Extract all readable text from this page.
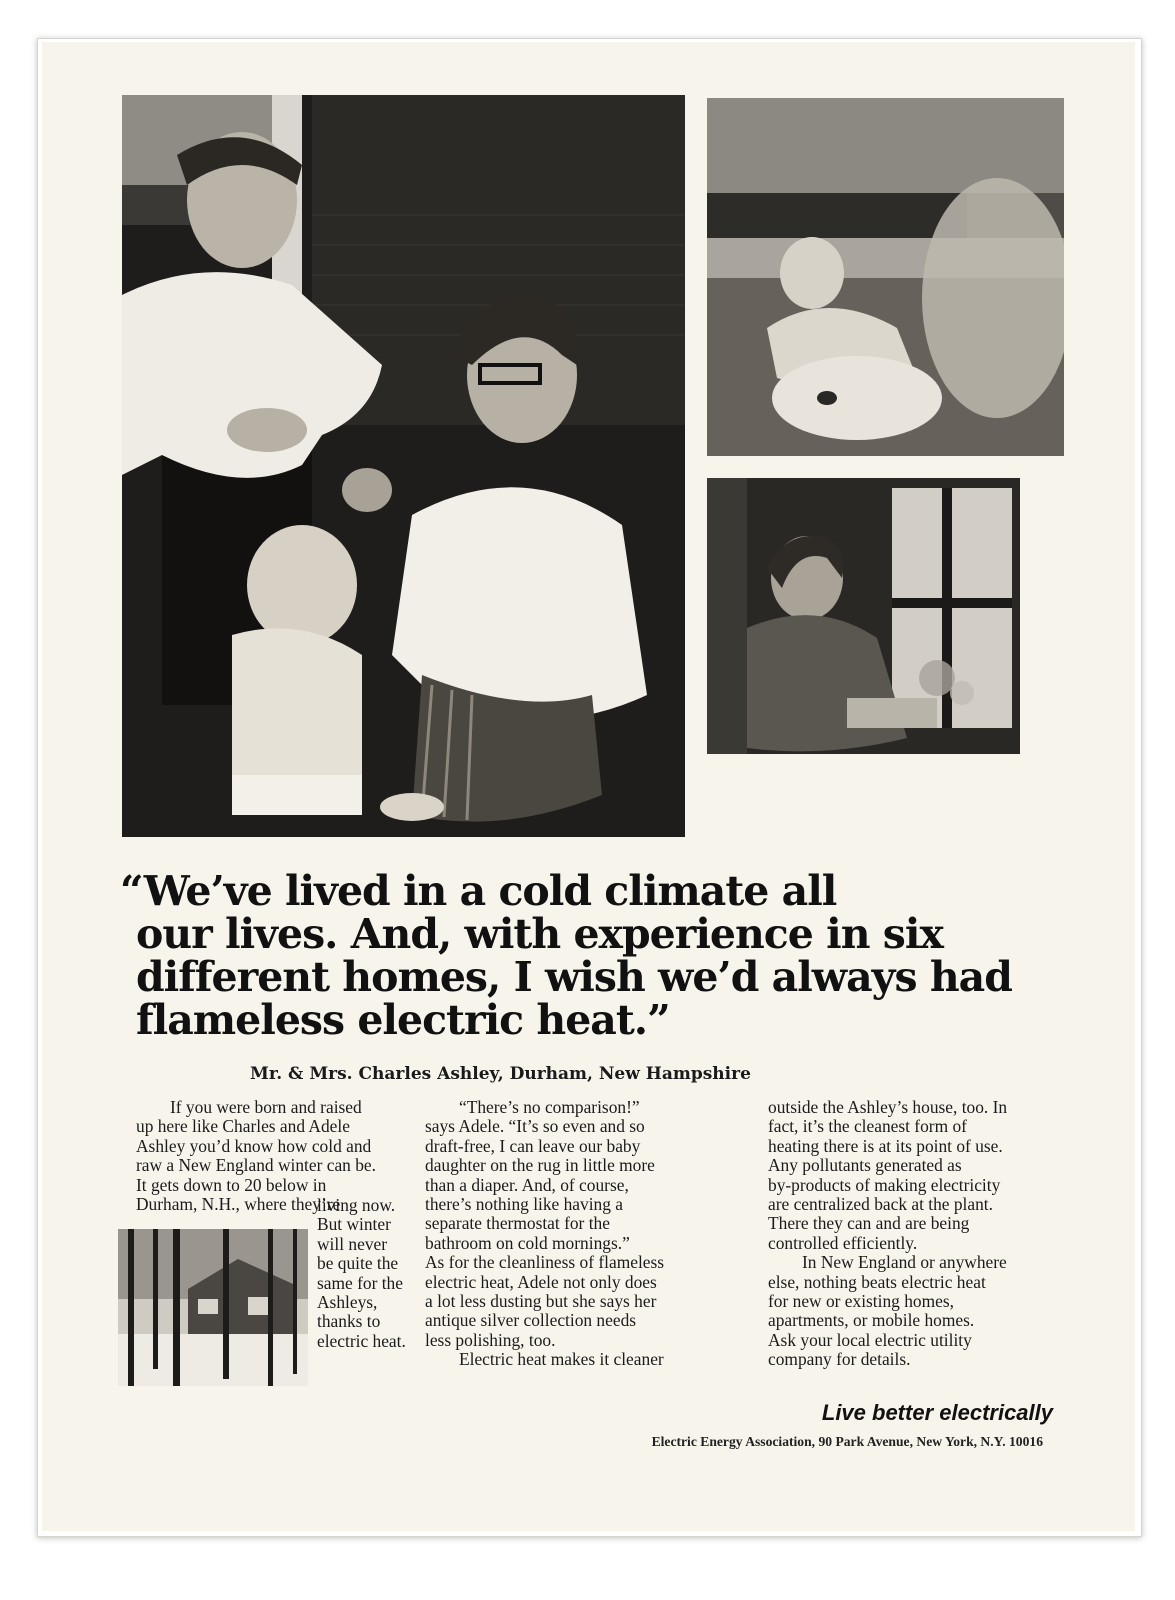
“We’ve lived in a cold climate all
our lives. And, with experience in six
different homes, I wish we’d always had
flameless electric heat.”
Mr. & Mrs. Charles Ashley, Durham, New Hampshire
If you were born and raised
up here like Charles and Adele
Ashley you’d know how cold and
raw a New England winter can be.
It gets down to 20 below in
Durham, N.H., where they’re
living now.
But winter
will never
be quite the
same for the
Ashleys,
thanks to
electric heat.
“There’s no comparison!”
says Adele. “It’s so even and so
draft-free, I can leave our baby
daughter on the rug in little more
than a diaper. And, of course,
there’s nothing like having a
separate thermostat for the
bathroom on cold mornings.”
As for the cleanliness of flameless
electric heat, Adele not only does
a lot less dusting but she says her
antique silver collection needs
less polishing, too.
Electric heat makes it cleaner
outside the Ashley’s house, too. In
fact, it’s the cleanest form of
heating there is at its point of use.
Any pollutants generated as
by-products of making electricity
are centralized back at the plant.
There they can and are being
controlled efficiently.
In New England or anywhere
else, nothing beats electric heat
for new or existing homes,
apartments, or mobile homes.
Ask your local electric utility
company for details.
Live better electrically
Electric Energy Association, 90 Park Avenue, New York, N.Y. 10016
